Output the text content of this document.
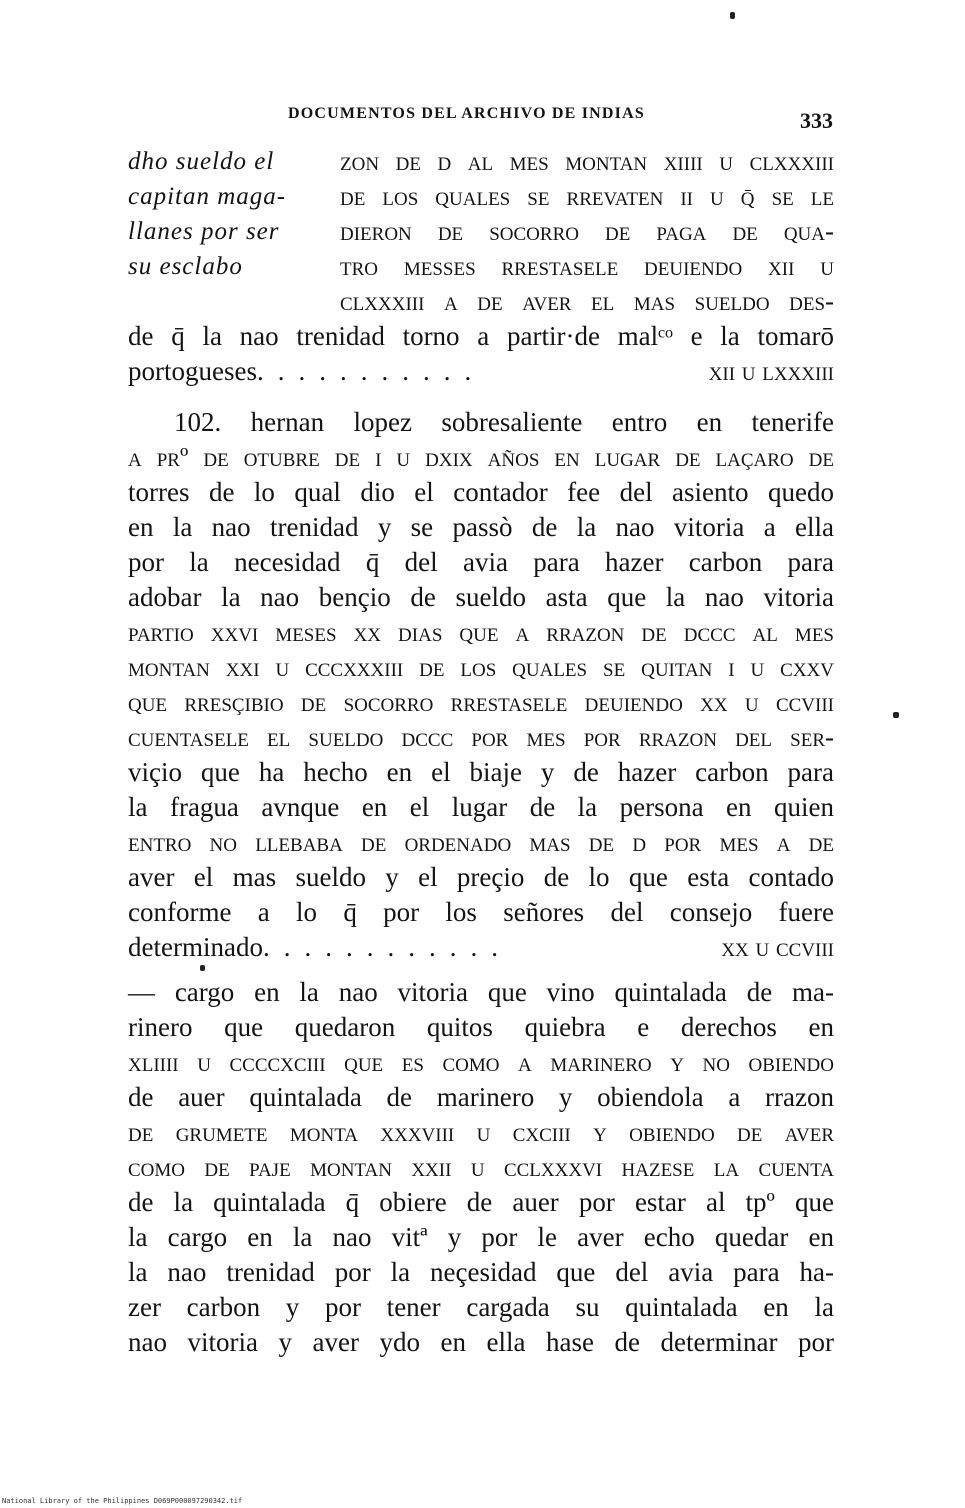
DOCUMENTOS DEL ARCHIVO DE INDIAS	333
dho sueldo el
capitan maga-
llanes por ser
su esclabo
zon de d al mes montan xiiii u clxxxiii
de los quales se rrevaten ii u q̄ se le
dieron de socorro de paga de qua-
tro messes rrestasele deuiendo xii u
clxxxiii a de aver el mas sueldo des-
de q̄ la nao trenidad torno a partir·de malᶜᵒ e la tomarō
portogueses. ..........	xii u lxxxiii
102. hernan lopez sobresaliente entro en tenerife
a prº de otubre de i u dxix años en lugar de laçaro de
torres de lo qual dio el contador fee del asiento quedo
en la nao trenidad y se passò de la nao vitoria a ella
por la necesidad q̄ del avia para hazer carbon para
adobar la nao bençio de sueldo asta que la nao vitoria
partio xxvi meses xx dias que a rrazon de dccc al mes
montan xxi u cccxxxiii de los quales se quitan i u cxxv
que rresçibio de socorro rrestasele deuiendo xx u ccviii
cuentasele el sueldo dccc por mes por rrazon del ser-
viçio que ha hecho en el biaje y de hazer carbon para
la fragua avnque en el lugar de la persona en quien
entro no llebaba de ordenado mas de d por mes a de
aver el mas sueldo y el preçio de lo que esta contado
conforme a lo q̄ por los señores del consejo fuere
determinado. ...........	xx u ccviii
— cargo en la nao vitoria que vino quintalada de ma-
rinero que quedaron quitos quiebra e derechos en
xliiii u ccccxciii que es como a marinero y no obiendo
de auer quintalada de marinero y obiendola a rrazon
de grumete monta xxxviii u cxciii y obiendo de aver
como de paje montan xxii u cclxxxvi hazese la cuenta
de la quintalada q̄ obiere de auer por estar al tpº que
la cargo en la nao vitª y por le aver echo quedar en
la nao trenidad por la neçesidad que del avia para ha-
zer carbon y por tener cargada su quintalada en la
nao vitoria y aver ydo en ella hase de determinar por
National Library of the Philippines D069P000097290342.tif
